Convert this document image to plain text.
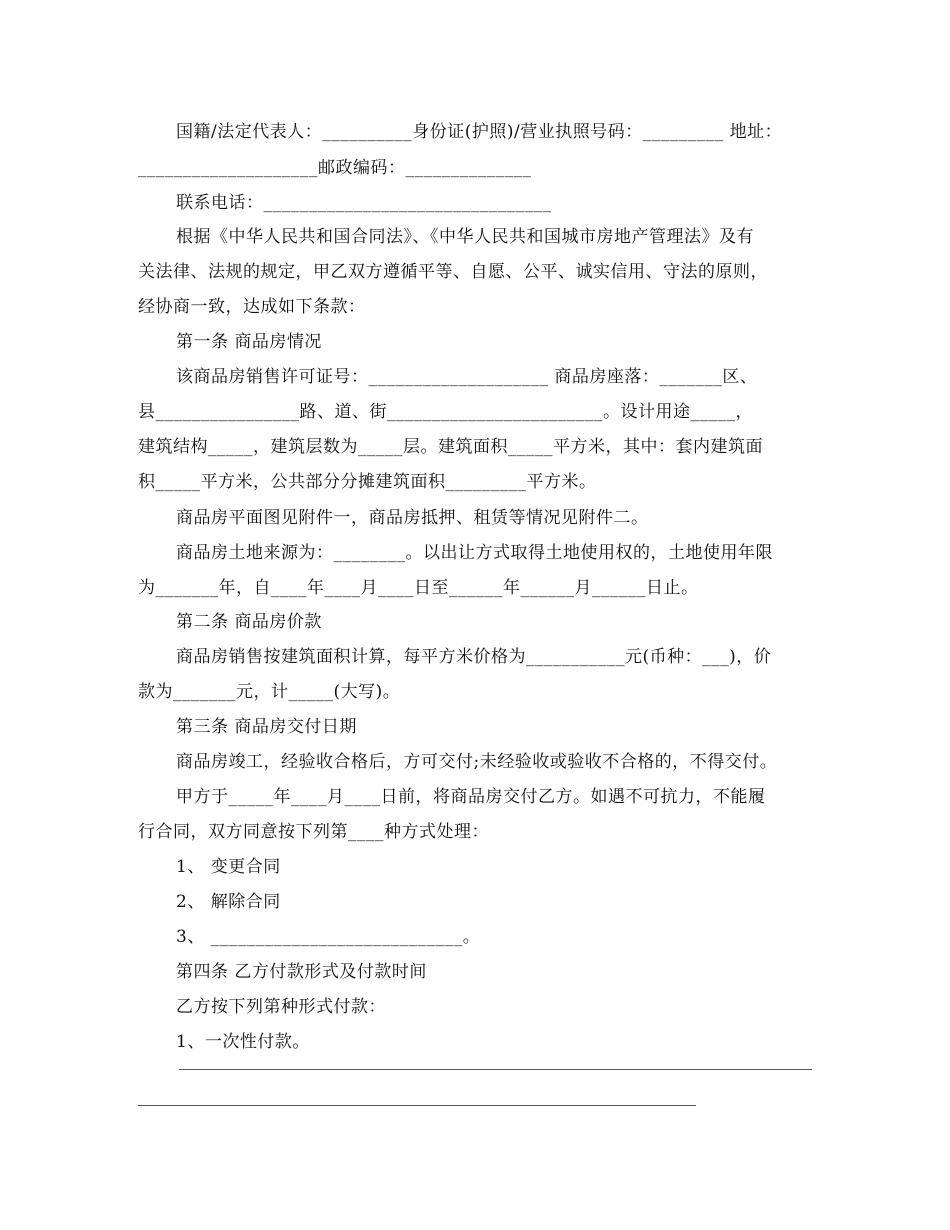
国籍/法定代表人：__________身份证(护照)/营业执照号码：_________ 地址：
____________________邮政编码：______________
联系电话：________________________________
根据《中华人民共和国合同法》、《中华人民共和国城市房地产管理法》及有
关法律、法规的规定，甲乙双方遵循平等、自愿、公平、诚实信用、守法的原则，
经协商一致，达成如下条款：
第一条 商品房情况
该商品房销售许可证号：____________________ 商品房座落：_______区、
县________________路、道、街________________________。设计用途_____，
建筑结构_____，建筑层数为_____层。建筑面积_____平方米，其中：套内建筑面
积_____平方米，公共部分分摊建筑面积_________平方米。
商品房平面图见附件一，商品房抵押、租赁等情况见附件二。
商品房土地来源为：________。以出让方式取得土地使用权的，土地使用年限
为_______年，自____年____月____日至______年______月______日止。
第二条 商品房价款
商品房销售按建筑面积计算，每平方米价格为___________元(币种：___)，价
款为_______元，计_____(大写)。
第三条 商品房交付日期
商品房竣工，经验收合格后，方可交付;未经验收或验收不合格的，不得交付。
甲方于_____年____月____日前，将商品房交付乙方。如遇不可抗力，不能履
行合同，双方同意按下列第____种方式处理：
1、 变更合同
2、 解除合同
3、 ____________________________。
第四条 乙方付款形式及付款时间
乙方按下列第种形式付款：
1、一次性付款。
